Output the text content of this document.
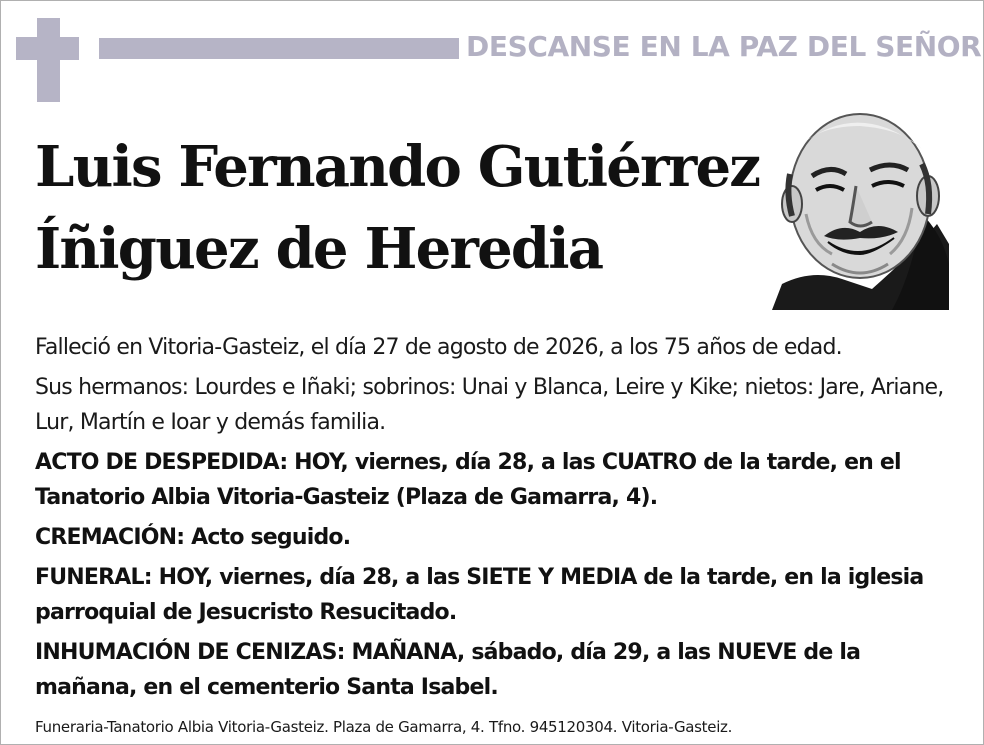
DESCANSE EN LA PAZ DEL SEÑOR
Luis Fernando Gutiérrez
Íñiguez de Heredia

Falleció en Vitoria-Gasteiz, el día 27 de agosto de 2026, a los 75 años de edad.

Sus hermanos: Lourdes e Iñaki; sobrinos: Unai y Blanca, Leire y Kike; nietos: Jare, Ariane, Lur, Martín e Ioar y demás familia.

ACTO DE DESPEDIDA: HOY, viernes, día 28, a las CUATRO de la tarde, en el Tanatorio Albia Vitoria-Gasteiz (Plaza de Gamarra, 4).

CREMACIÓN: Acto seguido.

FUNERAL: HOY, viernes, día 28, a las SIETE Y MEDIA de la tarde, en la iglesia parroquial de Jesucristo Resucitado.

INHUMACIÓN DE CENIZAS: MAÑANA, sábado, día 29, a las NUEVE de la mañana, en el cementerio Santa Isabel.

Funeraria-Tanatorio Albia Vitoria-Gasteiz. Plaza de Gamarra, 4. Tfno. 945120304. Vitoria-Gasteiz.
